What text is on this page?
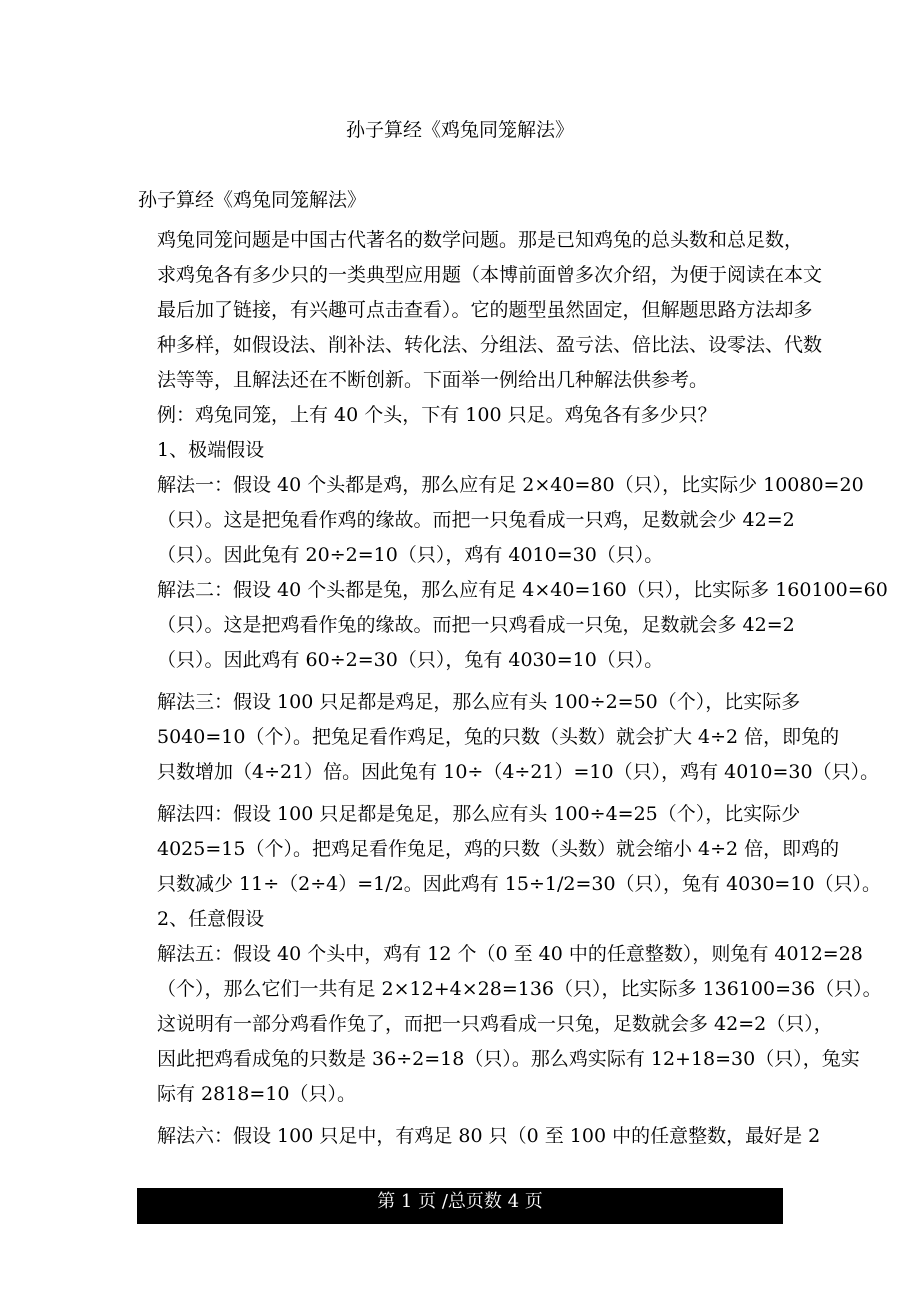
孙子算经《鸡兔同笼解法》
孙子算经《鸡兔同笼解法》

鸡兔同笼问题是中国古代著名的数学问题。那是已知鸡兔的总头数和总足数，

求鸡兔各有多少只的一类典型应用题（本博前面曾多次介绍，为便于阅读在本文

最后加了链接，有兴趣可点击查看）。它的题型虽然固定，但解题思路方法却多

种多样，如假设法、削补法、转化法、分组法、盈亏法、倍比法、设零法、代数

法等等，且解法还在不断创新。下面举一例给出几种解法供参考。

例：鸡兔同笼，上有 40 个头，下有 100 只足。鸡兔各有多少只？

1、极端假设

解法一：假设 40 个头都是鸡，那么应有足 2×40=80（只），比实际少 10080=20

（只）。这是把兔看作鸡的缘故。而把一只兔看成一只鸡，足数就会少 42=2

（只）。因此兔有 20÷2=10（只），鸡有 4010=30（只）。

解法二：假设 40 个头都是兔，那么应有足 4×40=160（只），比实际多 160100=60

（只）。这是把鸡看作兔的缘故。而把一只鸡看成一只兔，足数就会多 42=2

（只）。因此鸡有 60÷2=30（只），兔有 4030=10（只）。

解法三：假设 100 只足都是鸡足，那么应有头 100÷2=50（个），比实际多

5040=10（个）。把兔足看作鸡足，兔的只数（头数）就会扩大 4÷2 倍，即兔的

只数增加（4÷21）倍。因此兔有 10÷（4÷21）=10（只），鸡有 4010=30（只）。

解法四：假设 100 只足都是兔足，那么应有头 100÷4=25（个），比实际少

4025=15（个）。把鸡足看作兔足，鸡的只数（头数）就会缩小 4÷2 倍，即鸡的

只数减少 11÷（2÷4）=1/2。因此鸡有 15÷1/2=30（只），兔有 4030=10（只）。

2、任意假设

解法五：假设 40 个头中，鸡有 12 个（0 至 40 中的任意整数），则兔有 4012=28

（个），那么它们一共有足 2×12+4×28=136（只），比实际多 136100=36（只）。

这说明有一部分鸡看作兔了，而把一只鸡看成一只兔，足数就会多 42=2（只），

因此把鸡看成兔的只数是 36÷2=18（只）。那么鸡实际有 12+18=30（只），兔实

际有 2818=10（只）。

解法六：假设 100 只足中，有鸡足 80 只（0 至 100 中的任意整数，最好是 2

第 1 页 /总页数 4 页
